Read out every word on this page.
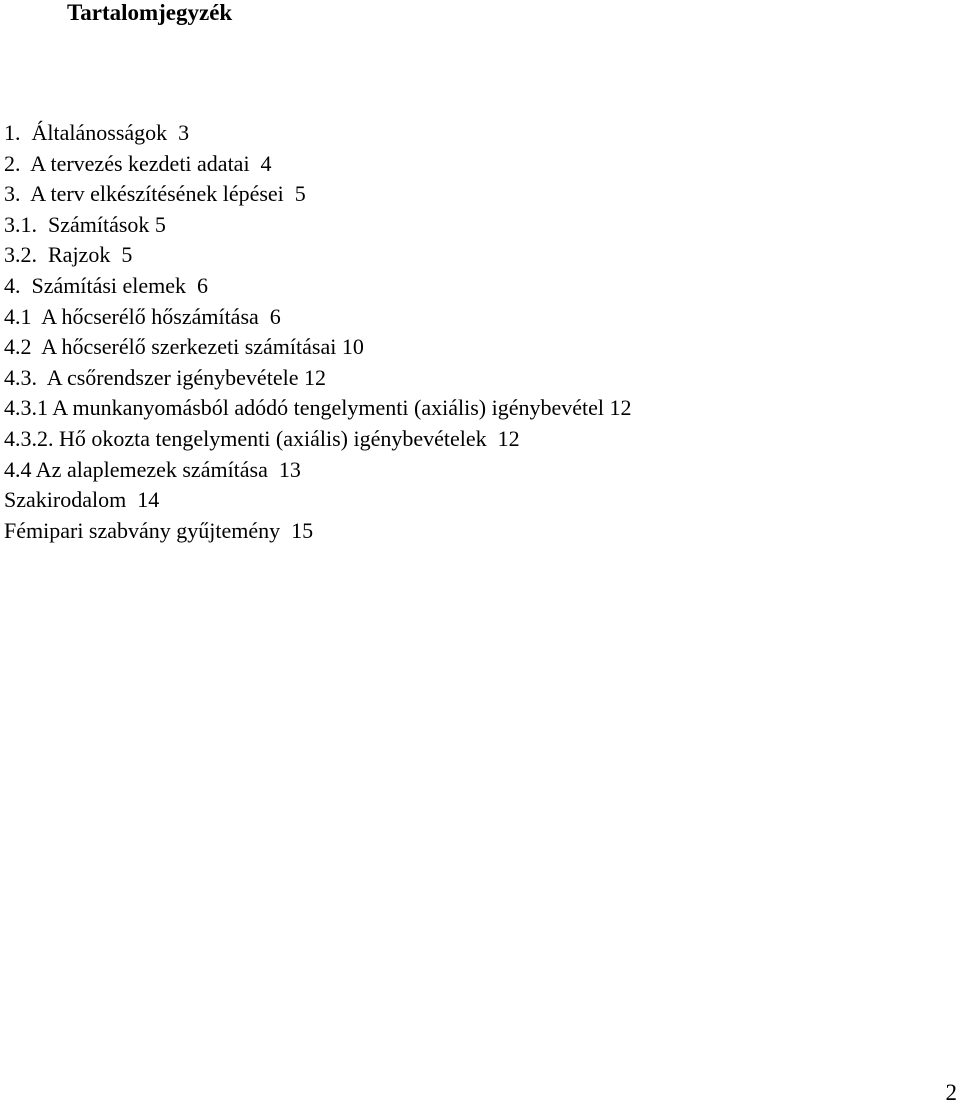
Tartalomjegyzék
1.  Általánosságok  3
2.  A tervezés kezdeti adatai  4
3.  A terv elkészítésének lépései  5
3.1.  Számítások 5
3.2.  Rajzok  5
4.  Számítási elemek  6
4.1  A hőcserélő hőszámítása  6
4.2  A hőcserélő szerkezeti számításai 10
4.3.  A csőrendszer igénybevétele 12
4.3.1 A munkanyomásból adódó tengelymenti (axiális) igénybevétel 12
4.3.2. Hő okozta tengelymenti (axiális) igénybevételek  12
4.4 Az alaplemezek számítása  13
Szakirodalom  14
Fémipari szabvány gyűjtemény  15
2
